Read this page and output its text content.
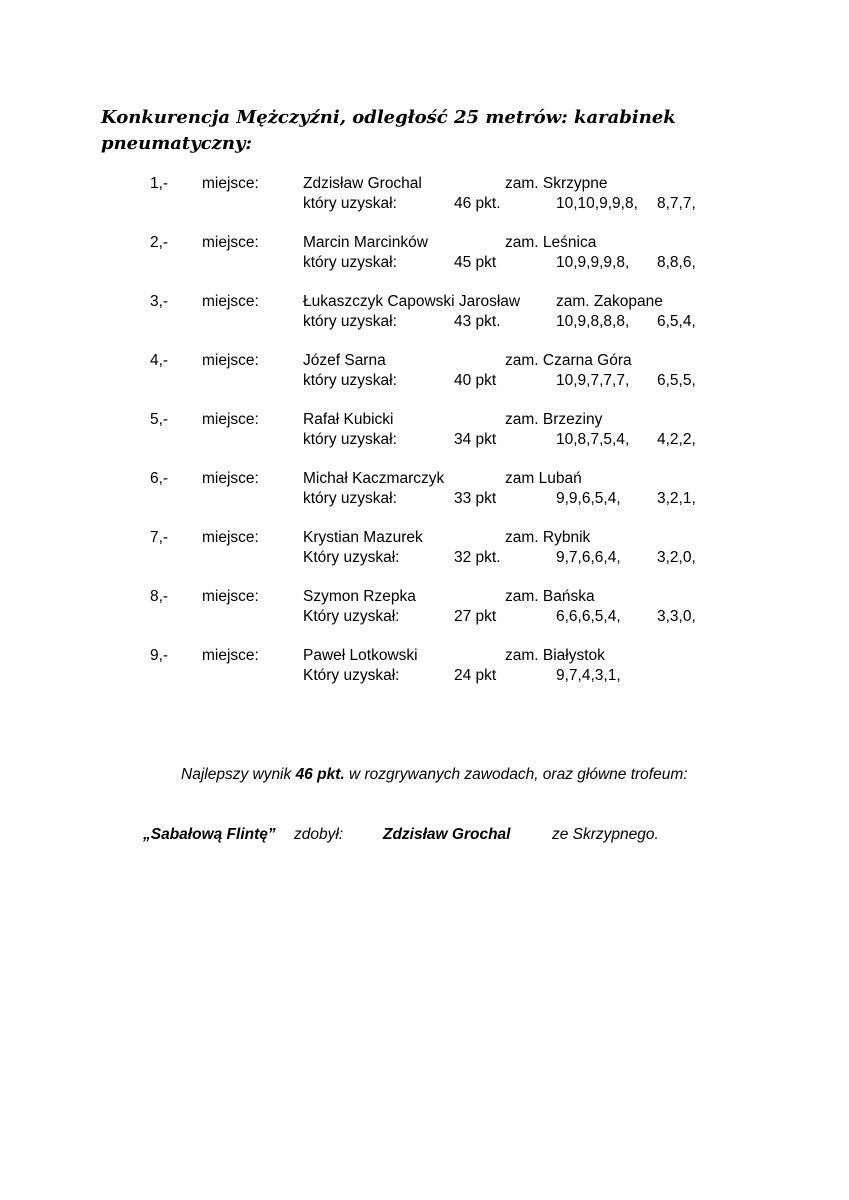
Konkurencja Mężczyźni, odległość 25 metrów: karabinek
pneumatyczny:
1,- miejsce:	Zdzisław Grochal	zam. Skrzypne
który uzyskał:	46 pkt.	10,10,9,9,8, 8,7,7,
2,- miejsce:	Marcin Marcinków	zam. Leśnica
który uzyskał:	45 pkt	10,9,9,9,8, 8,8,6,
3,- miejsce:	Łukaszczyk Capowski Jarosław zam. Zakopane
który uzyskał:	43 pkt.	10,9,8,8,8, 6,5,4,
4,- miejsce:	Józef Sarna	zam. Czarna Góra
który uzyskał:	40 pkt	10,9,7,7,7, 6,5,5,
5,- miejsce:	Rafał Kubicki	zam. Brzeziny
który uzyskał:	34 pkt	10,8,7,5,4, 4,2,2,
6,- miejsce:	Michał Kaczmarczyk	zam Lubań
który uzyskał:	33 pkt	9,9,6,5,4, 3,2,1,
7,- miejsce:	Krystian Mazurek	zam. Rybnik
Który uzyskał:	32 pkt.	9,7,6,6,4, 3,2,0,
8,- miejsce:	Szymon Rzepka	zam. Bańska
Który uzyskał:	27 pkt	6,6,6,5,4, 3,3,0,
9,- miejsce:	Paweł Lotkowski	zam. Białystok
Który uzyskał:	24 pkt	9,7,4,3,1,
Najlepszy wynik 46 pkt. w rozgrywanych zawodach, oraz główne trofeum:
„Sabałową Flintę” zdobył:	Zdzisław Grochal	ze Skrzypnego.
